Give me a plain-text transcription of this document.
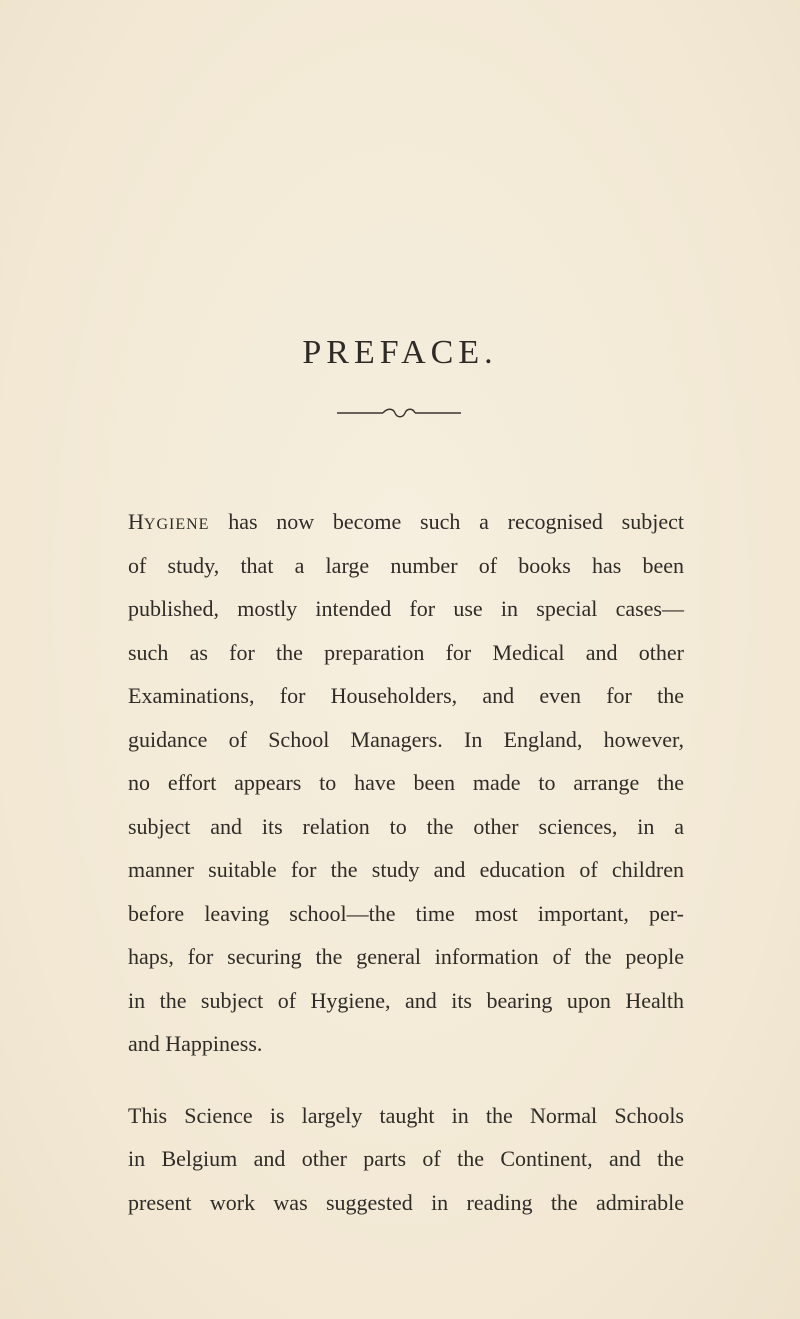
PREFACE.
HYGIENE has now become such a recognised subject
of study, that a large number of books has been
published, mostly intended for use in special cases—
such as for the preparation for Medical and other
Examinations, for Householders, and even for the
guidance of School Managers. In England, however,
no effort appears to have been made to arrange the
subject and its relation to the other sciences, in a
manner suitable for the study and education of children
before leaving school—the time most important, per-
haps, for securing the general information of the people
in the subject of Hygiene, and its bearing upon Health
and Happiness.
This Science is largely taught in the Normal Schools
in Belgium and other parts of the Continent, and the
present work was suggested in reading the admirable
